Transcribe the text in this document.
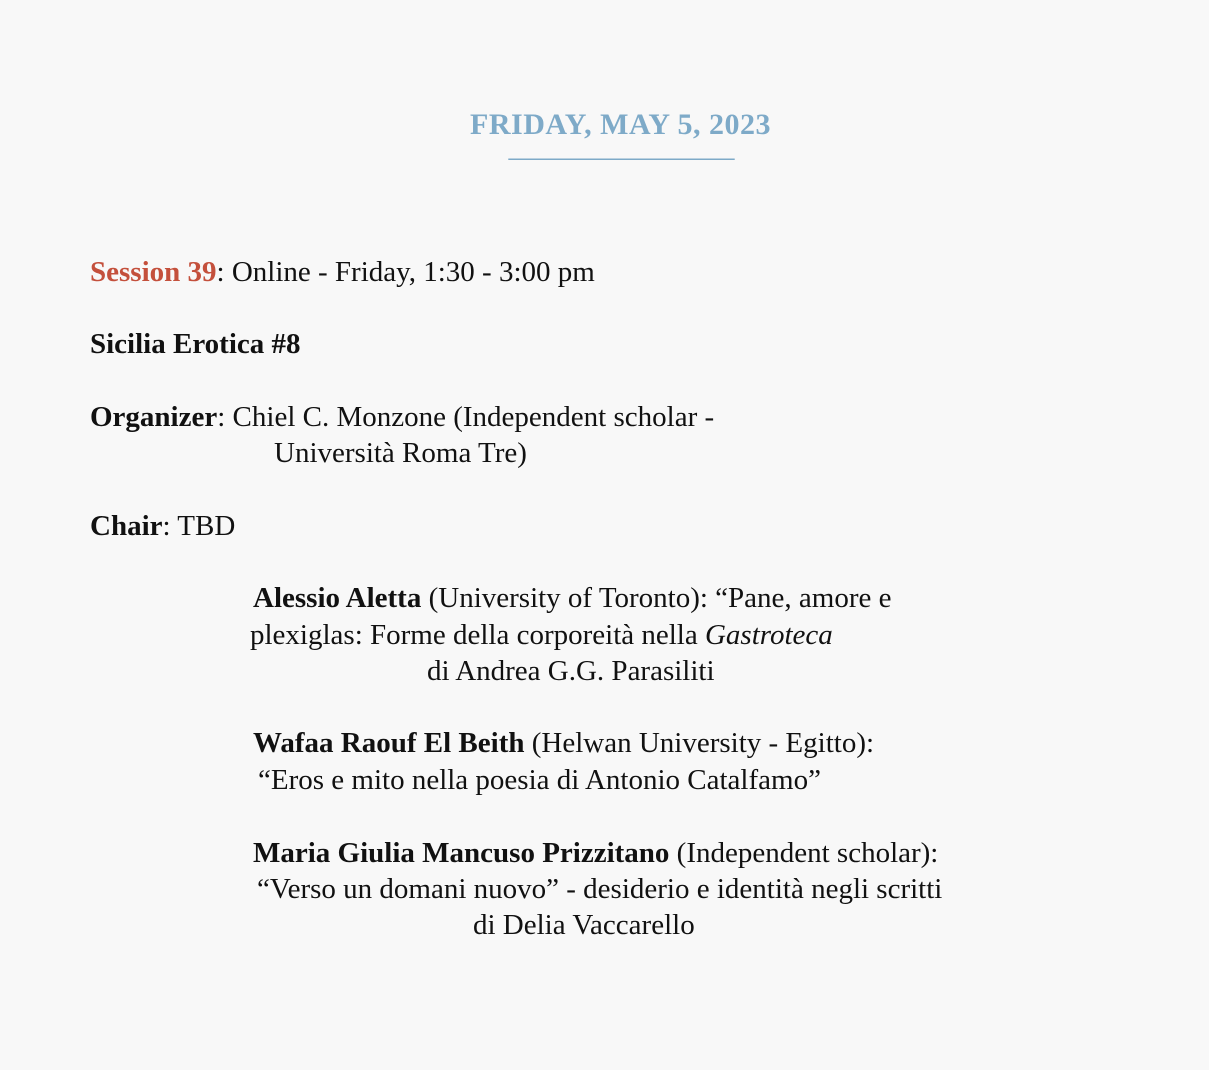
FRIDAY, MAY 5, 2023
————————
Session 39: Online - Friday, 1:30 - 3:00 pm
Sicilia Erotica #8
Organizer: Chiel C. Monzone (Independent scholar -
Università Roma Tre)
Chair: TBD
Alessio Aletta (University of Toronto): “Pane, amore e
plexiglas: Forme della corporeità nella Gastroteca
di Andrea G.G. Parasiliti
Wafaa Raouf El Beith (Helwan University - Egitto):
“Eros e mito nella poesia di Antonio Catalfamo”
Maria Giulia Mancuso Prizzitano (Independent scholar):
“Verso un domani nuovo” - desiderio e identità negli scritti
di Delia Vaccarello
